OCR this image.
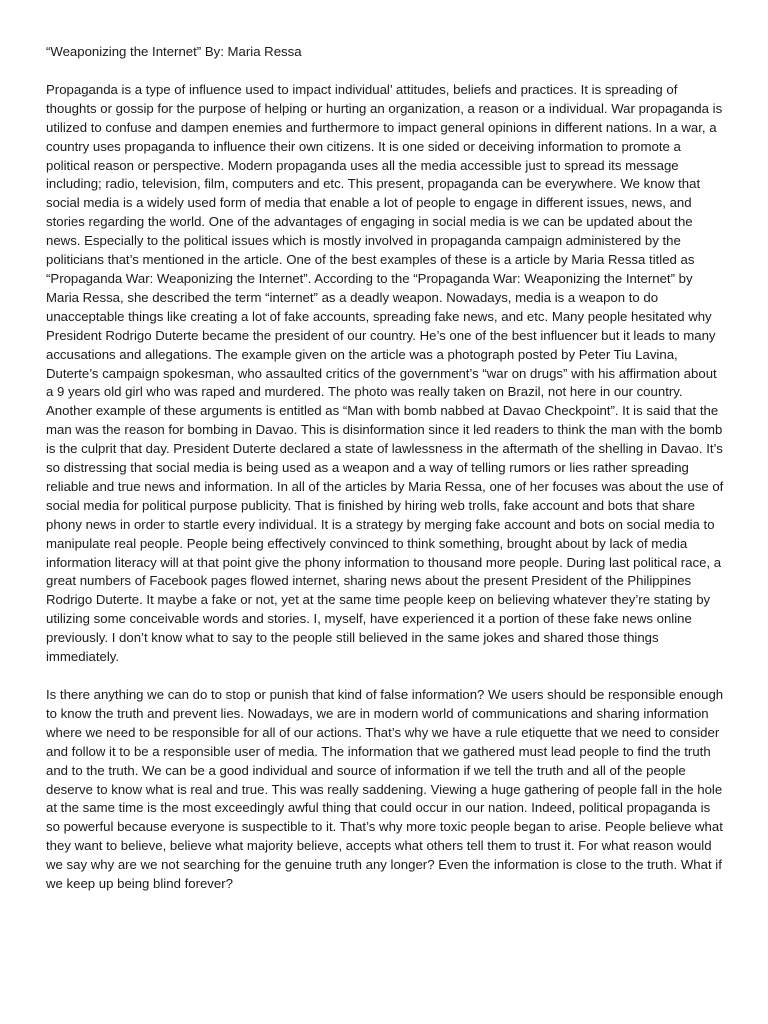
“Weaponizing the Internet” By: Maria Ressa

Propaganda is a type of influence used to impact individual’ attitudes, beliefs and practices. It is spreading of thoughts or gossip for the purpose of helping or hurting an organization, a reason or a individual. War propaganda is utilized to confuse and dampen enemies and furthermore to impact general opinions in different nations. In a war, a country uses propaganda to influence their own citizens. It is one sided or deceiving information to promote a political reason or perspective. Modern propaganda uses all the media accessible just to spread its message including; radio, television, film, computers and etc. This present, propaganda can be everywhere. We know that social media is a widely used form of media that enable a lot of people to engage in different issues, news, and stories regarding the world. One of the advantages of engaging in social media is we can be updated about the news. Especially to the political issues which is mostly involved in propaganda campaign administered by the politicians that’s mentioned in the article. One of the best examples of these is a article by Maria Ressa titled as “Propaganda War: Weaponizing the Internet”. According to the “Propaganda War: Weaponizing the Internet” by Maria Ressa, she described the term “internet” as a deadly weapon. Nowadays, media is a weapon to do unacceptable things like creating a lot of fake accounts, spreading fake news, and etc. Many people hesitated why President Rodrigo Duterte became the president of our country. He’s one of the best influencer but it leads to many accusations and allegations. The example given on the article was a photograph posted by Peter Tiu Lavina, Duterte’s campaign spokesman, who assaulted critics of the government’s “war on drugs” with his affirmation about a 9 years old girl who was raped and murdered. The photo was really taken on Brazil, not here in our country. Another example of these arguments is entitled as “Man with bomb nabbed at Davao Checkpoint”. It is said that the man was the reason for bombing in Davao. This is disinformation since it led readers to think the man with the bomb is the culprit that day. President Duterte declared a state of lawlessness in the aftermath of the shelling in Davao. It’s so distressing that social media is being used as a weapon and a way of telling rumors or lies rather spreading reliable and true news and information. In all of the articles by Maria Ressa, one of her focuses was about the use of social media for political purpose publicity. That is finished by hiring web trolls, fake account and bots that share phony news in order to startle every individual. It is a strategy by merging fake account and bots on social media to manipulate real people. People being effectively convinced to think something, brought about by lack of media information literacy will at that point give the phony information to thousand more people. During last political race, a great numbers of Facebook pages flowed internet, sharing news about the present President of the Philippines Rodrigo Duterte. It maybe a fake or not, yet at the same time people keep on believing whatever they’re stating by utilizing some conceivable words and stories. I, myself, have experienced it a portion of these fake news online previously. I don’t know what to say to the people still believed in the same jokes and shared those things immediately.

Is there anything we can do to stop or punish that kind of false information? We users should be responsible enough to know the truth and prevent lies. Nowadays, we are in modern world of communications and sharing information where we need to be responsible for all of our actions. That’s why we have a rule etiquette that we need to consider and follow it to be a responsible user of media. The information that we gathered must lead people to find the truth and to the truth. We can be a good individual and source of information if we tell the truth and all of the people deserve to know what is real and true. This was really saddening. Viewing a huge gathering of people fall in the hole at the same time is the most exceedingly awful thing that could occur in our nation. Indeed, political propaganda is so powerful because everyone is suspectible to it. That’s why more toxic people began to arise. People believe what they want to believe, believe what majority believe, accepts what others tell them to trust it. For what reason would we say why are we not searching for the genuine truth any longer? Even the information is close to the truth. What if we keep up being blind forever?
